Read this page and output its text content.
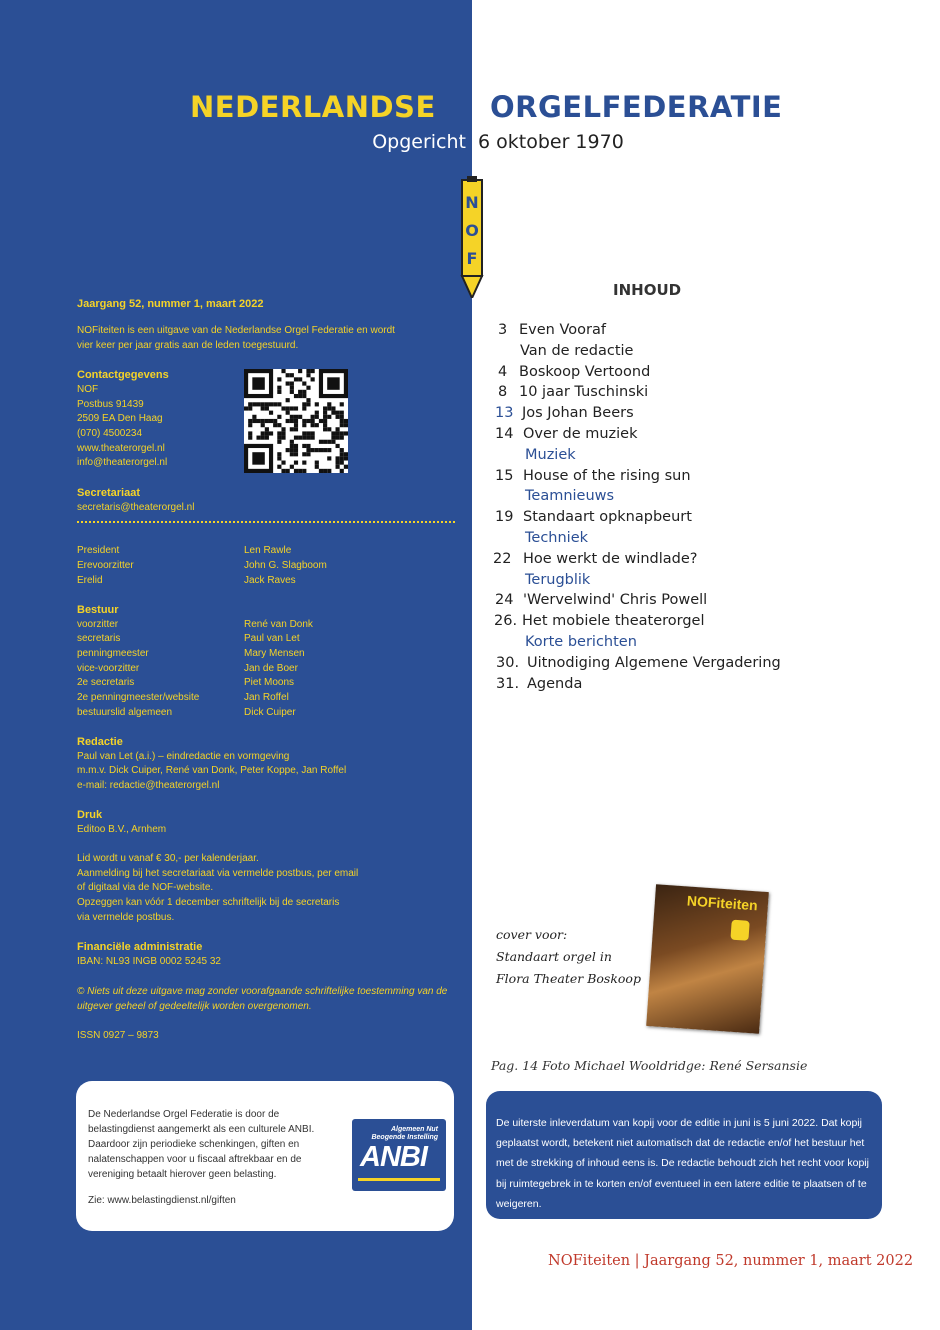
NEDERLANDSE ORGELFEDERATIE
Opgericht 6 oktober 1970
N
O
F
Jaargang 52, nummer 1, maart 2022
NOFiteiten is een uitgave van de Nederlandse Orgel Federatie en wordt
vier keer per jaar gratis aan de leden toegestuurd.
Contactgegevens
NOF
Postbus 91439
2509 EA Den Haag
(070) 4500234
www.theaterorgel.nl
info@theaterorgel.nl
Secretariaat
secretaris@theaterorgel.nl
President	Len Rawle
Erevoorzitter	John G. Slagboom
Erelid	Jack Raves
Bestuur
voorzitter	René van Donk
secretaris	Paul van Let
penningmeester	Mary Mensen
vice-voorzitter	Jan de Boer
2e secretaris	Piet Moons
2e penningmeester/website	Jan Roffel
bestuurslid algemeen	Dick Cuiper
Redactie
Paul van Let (a.i.) – eindredactie en vormgeving
m.m.v. Dick Cuiper, René van Donk, Peter Koppe, Jan Roffel
e-mail: redactie@theaterorgel.nl
Druk
Editoo B.V., Arnhem
Lid wordt u vanaf € 30,- per kalenderjaar.
Aanmelding bij het secretariaat via vermelde postbus, per email
of digitaal via de NOF-website.
Opzeggen kan vóór 1 december schriftelijk bij de secretaris
via vermelde postbus.
Financiële administratie
IBAN: NL93 INGB 0002 5245 32
© Niets uit deze uitgave mag zonder voorafgaande schriftelijke toestemming van de uitgever geheel of gedeeltelijk worden overgenomen.
ISSN 0927 – 9873
De Nederlandse Orgel Federatie is door de belastingdienst aangemerkt als een culturele ANBI. Daardoor zijn periodieke schenkingen, giften en nalatenschappen voor u fiscaal aftrekbaar en de vereniging betaalt hierover geen belasting.
Zie: www.belastingdienst.nl/giften
Algemeen Nut
Beogende Instelling
ANBI
INHOUD
3 Even Vooraf
Van de redactie
4 Boskoop Vertoond
8 10 jaar Tuschinski
13 Jos Johan Beers
14 Over de muziek
Muziek
15 House of the rising sun
Teamnieuws
19 Standaart opknapbeurt
Techniek
22 Hoe werkt de windlade?
Terugblik
24 'Wervelwind' Chris Powell
26. Het mobiele theaterorgel
Korte berichten
30. Uitnodiging Algemene Vergadering
31. Agenda
cover voor:
Standaart orgel in
Flora Theater Boskoop
NOFiteiten
Pag. 14 Foto Michael Wooldridge: René Sersansie
De uiterste inleverdatum van kopij voor de editie in juni is 5 juni 2022. Dat kopij geplaatst wordt, betekent niet automatisch dat de redactie en/of het bestuur het met de strekking of inhoud eens is. De redactie behoudt zich het recht voor kopij bij ruimtegebrek in te korten en/of eventueel in een latere editie te plaatsen of te weigeren.
NOFiteiten | Jaargang 52, nummer 1, maart 2022
